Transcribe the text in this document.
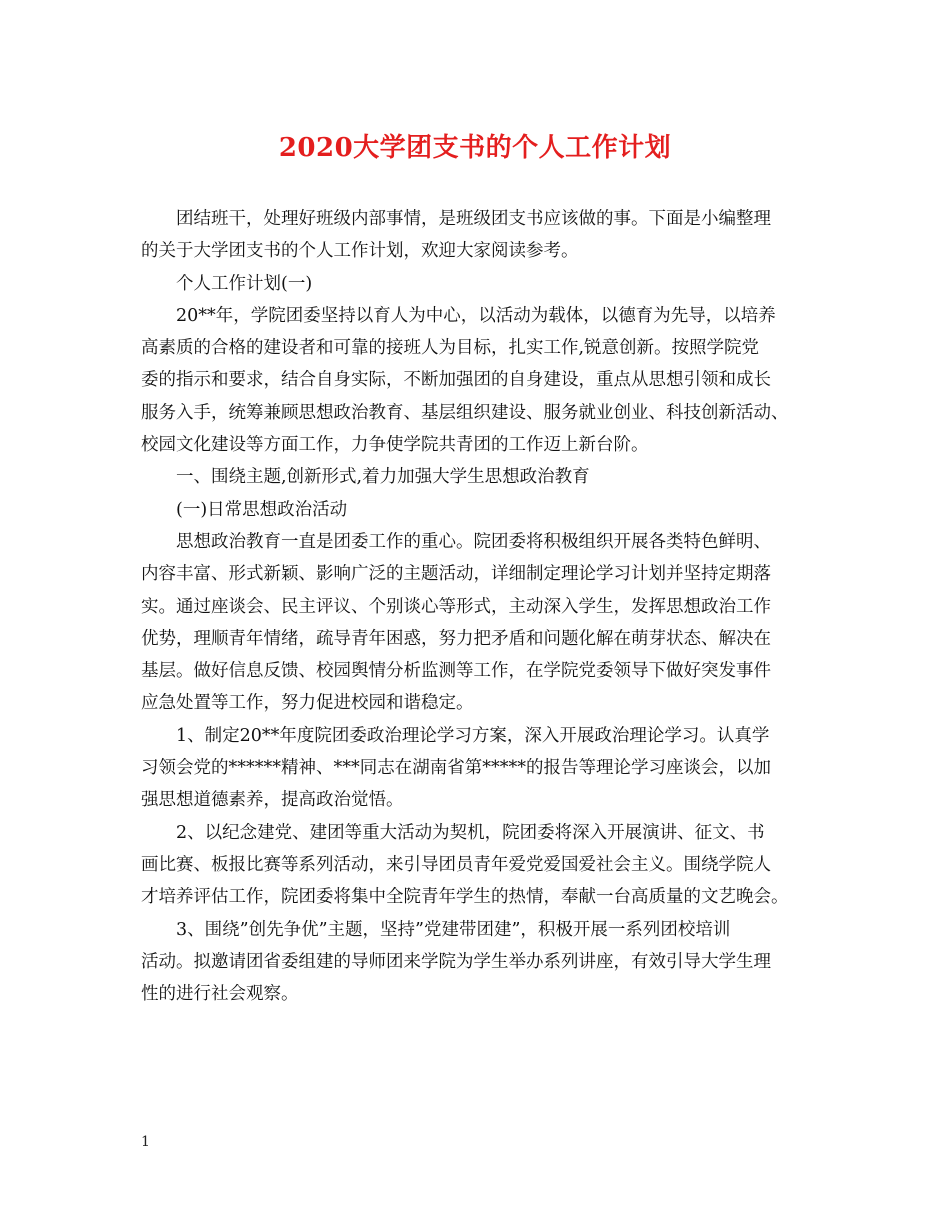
2020大学团支书的个人工作计划
团结班干，处理好班级内部事情，是班级团支书应该做的事。下面是小编整理
的关于大学团支书的个人工作计划，欢迎大家阅读参考。
个人工作计划(一)
20**年，学院团委坚持以育人为中心，以活动为载体，以德育为先导，以培养
高素质的合格的建设者和可靠的接班人为目标，扎实工作,锐意创新。按照学院党
委的指示和要求，结合自身实际，不断加强团的自身建设，重点从思想引领和成长
服务入手，统筹兼顾思想政治教育、基层组织建设、服务就业创业、科技创新活动、
校园文化建设等方面工作，力争使学院共青团的工作迈上新台阶。
一、围绕主题,创新形式,着力加强大学生思想政治教育
(一)日常思想政治活动
思想政治教育一直是团委工作的重心。院团委将积极组织开展各类特色鲜明、
内容丰富、形式新颖、影响广泛的主题活动，详细制定理论学习计划并坚持定期落
实。通过座谈会、民主评议、个别谈心等形式，主动深入学生，发挥思想政治工作
优势，理顺青年情绪，疏导青年困惑，努力把矛盾和问题化解在萌芽状态、解决在
基层。做好信息反馈、校园舆情分析监测等工作，在学院党委领导下做好突发事件
应急处置等工作，努力促进校园和谐稳定。
1、制定20**年度院团委政治理论学习方案，深入开展政治理论学习。认真学
习领会党的******精神、***同志在湖南省第*****的报告等理论学习座谈会，以加
强思想道德素养，提高政治觉悟。
2、以纪念建党、建团等重大活动为契机，院团委将深入开展演讲、征文、书
画比赛、板报比赛等系列活动，来引导团员青年爱党爱国爱社会主义。围绕学院人
才培养评估工作，院团委将集中全院青年学生的热情，奉献一台高质量的文艺晚会。
3、围绕”创先争优”主题，坚持”党建带团建”，积极开展一系列团校培训
活动。拟邀请团省委组建的导师团来学院为学生举办系列讲座，有效引导大学生理
性的进行社会观察。
1
